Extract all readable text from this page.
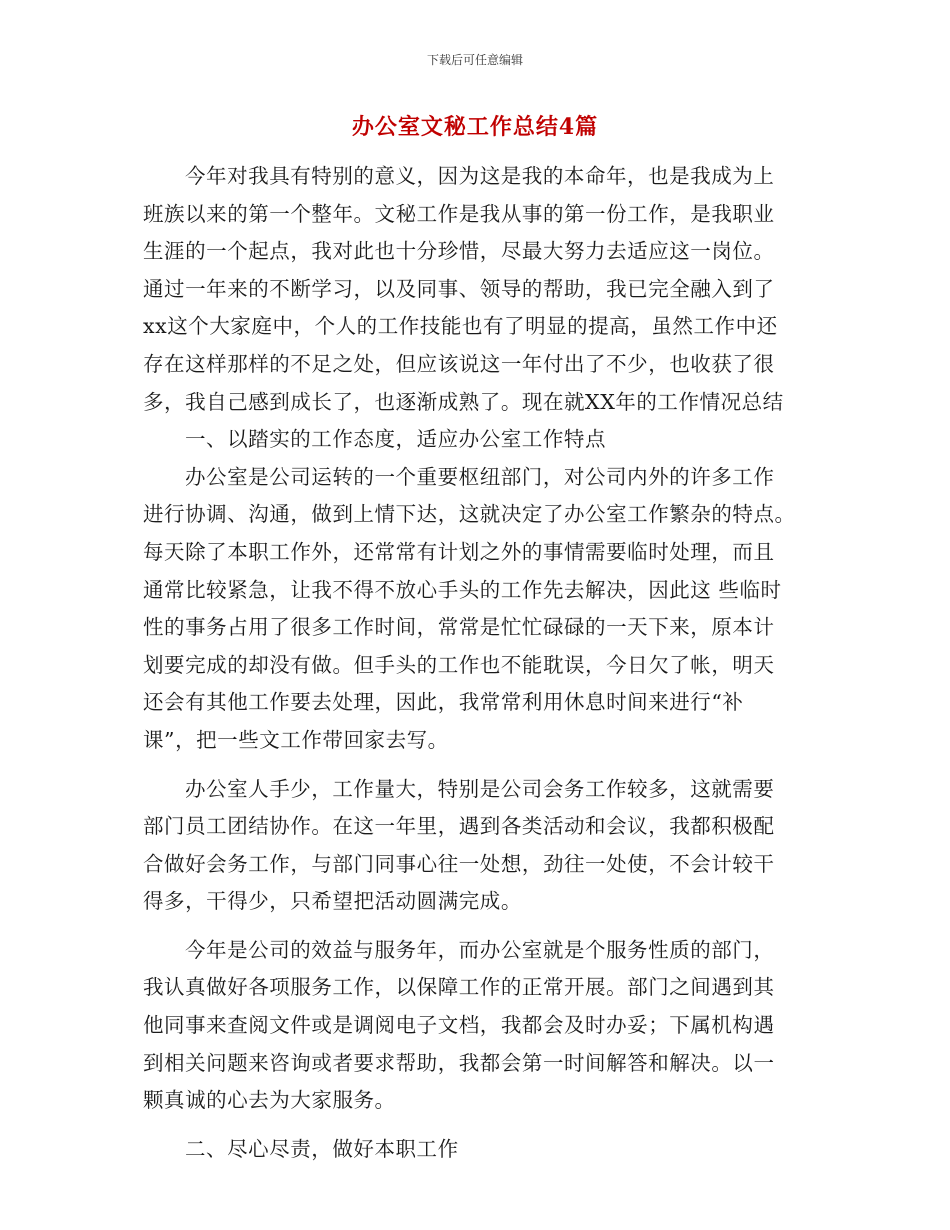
下载后可任意编辑
办公室文秘工作总结4篇
今年对我具有特别的意义，因为这是我的本命年，也是我成为上
班族以来的第一个整年。文秘工作是我从事的第一份工作，是我职业
生涯的一个起点，我对此也十分珍惜，尽最大努力去适应这一岗位。
通过一年来的不断学习，以及同事、领导的帮助，我已完全融入到了
xx这个大家庭中，个人的工作技能也有了明显的提高，虽然工作中还
存在这样那样的不足之处，但应该说这一年付出了不少，也收获了很
多，我自己感到成长了，也逐渐成熟了。现在就XX年的工作情况总结
一、以踏实的工作态度，适应办公室工作特点
办公室是公司运转的一个重要枢纽部门，对公司内外的许多工作
进行协调、沟通，做到上情下达，这就决定了办公室工作繁杂的特点。
每天除了本职工作外，还常常有计划之外的事情需要临时处理，而且
通常比较紧急，让我不得不放心手头的工作先去解决，因此这 些临时
性的事务占用了很多工作时间，常常是忙忙碌碌的一天下来，原本计
划要完成的却没有做。但手头的工作也不能耽误，今日欠了帐，明天
还会有其他工作要去处理，因此，我常常利用休息时间来进行“补
课”，把一些文工作带回家去写。
办公室人手少，工作量大，特别是公司会务工作较多，这就需要
部门员工团结协作。在这一年里，遇到各类活动和会议，我都积极配
合做好会务工作，与部门同事心往一处想，劲往一处使，不会计较干
得多，干得少，只希望把活动圆满完成。
今年是公司的效益与服务年，而办公室就是个服务性质的部门，
我认真做好各项服务工作，以保障工作的正常开展。部门之间遇到其
他同事来查阅文件或是调阅电子文档，我都会及时办妥；下属机构遇
到相关问题来咨询或者要求帮助，我都会第一时间解答和解决。以一
颗真诚的心去为大家服务。
二、尽心尽责，做好本职工作
